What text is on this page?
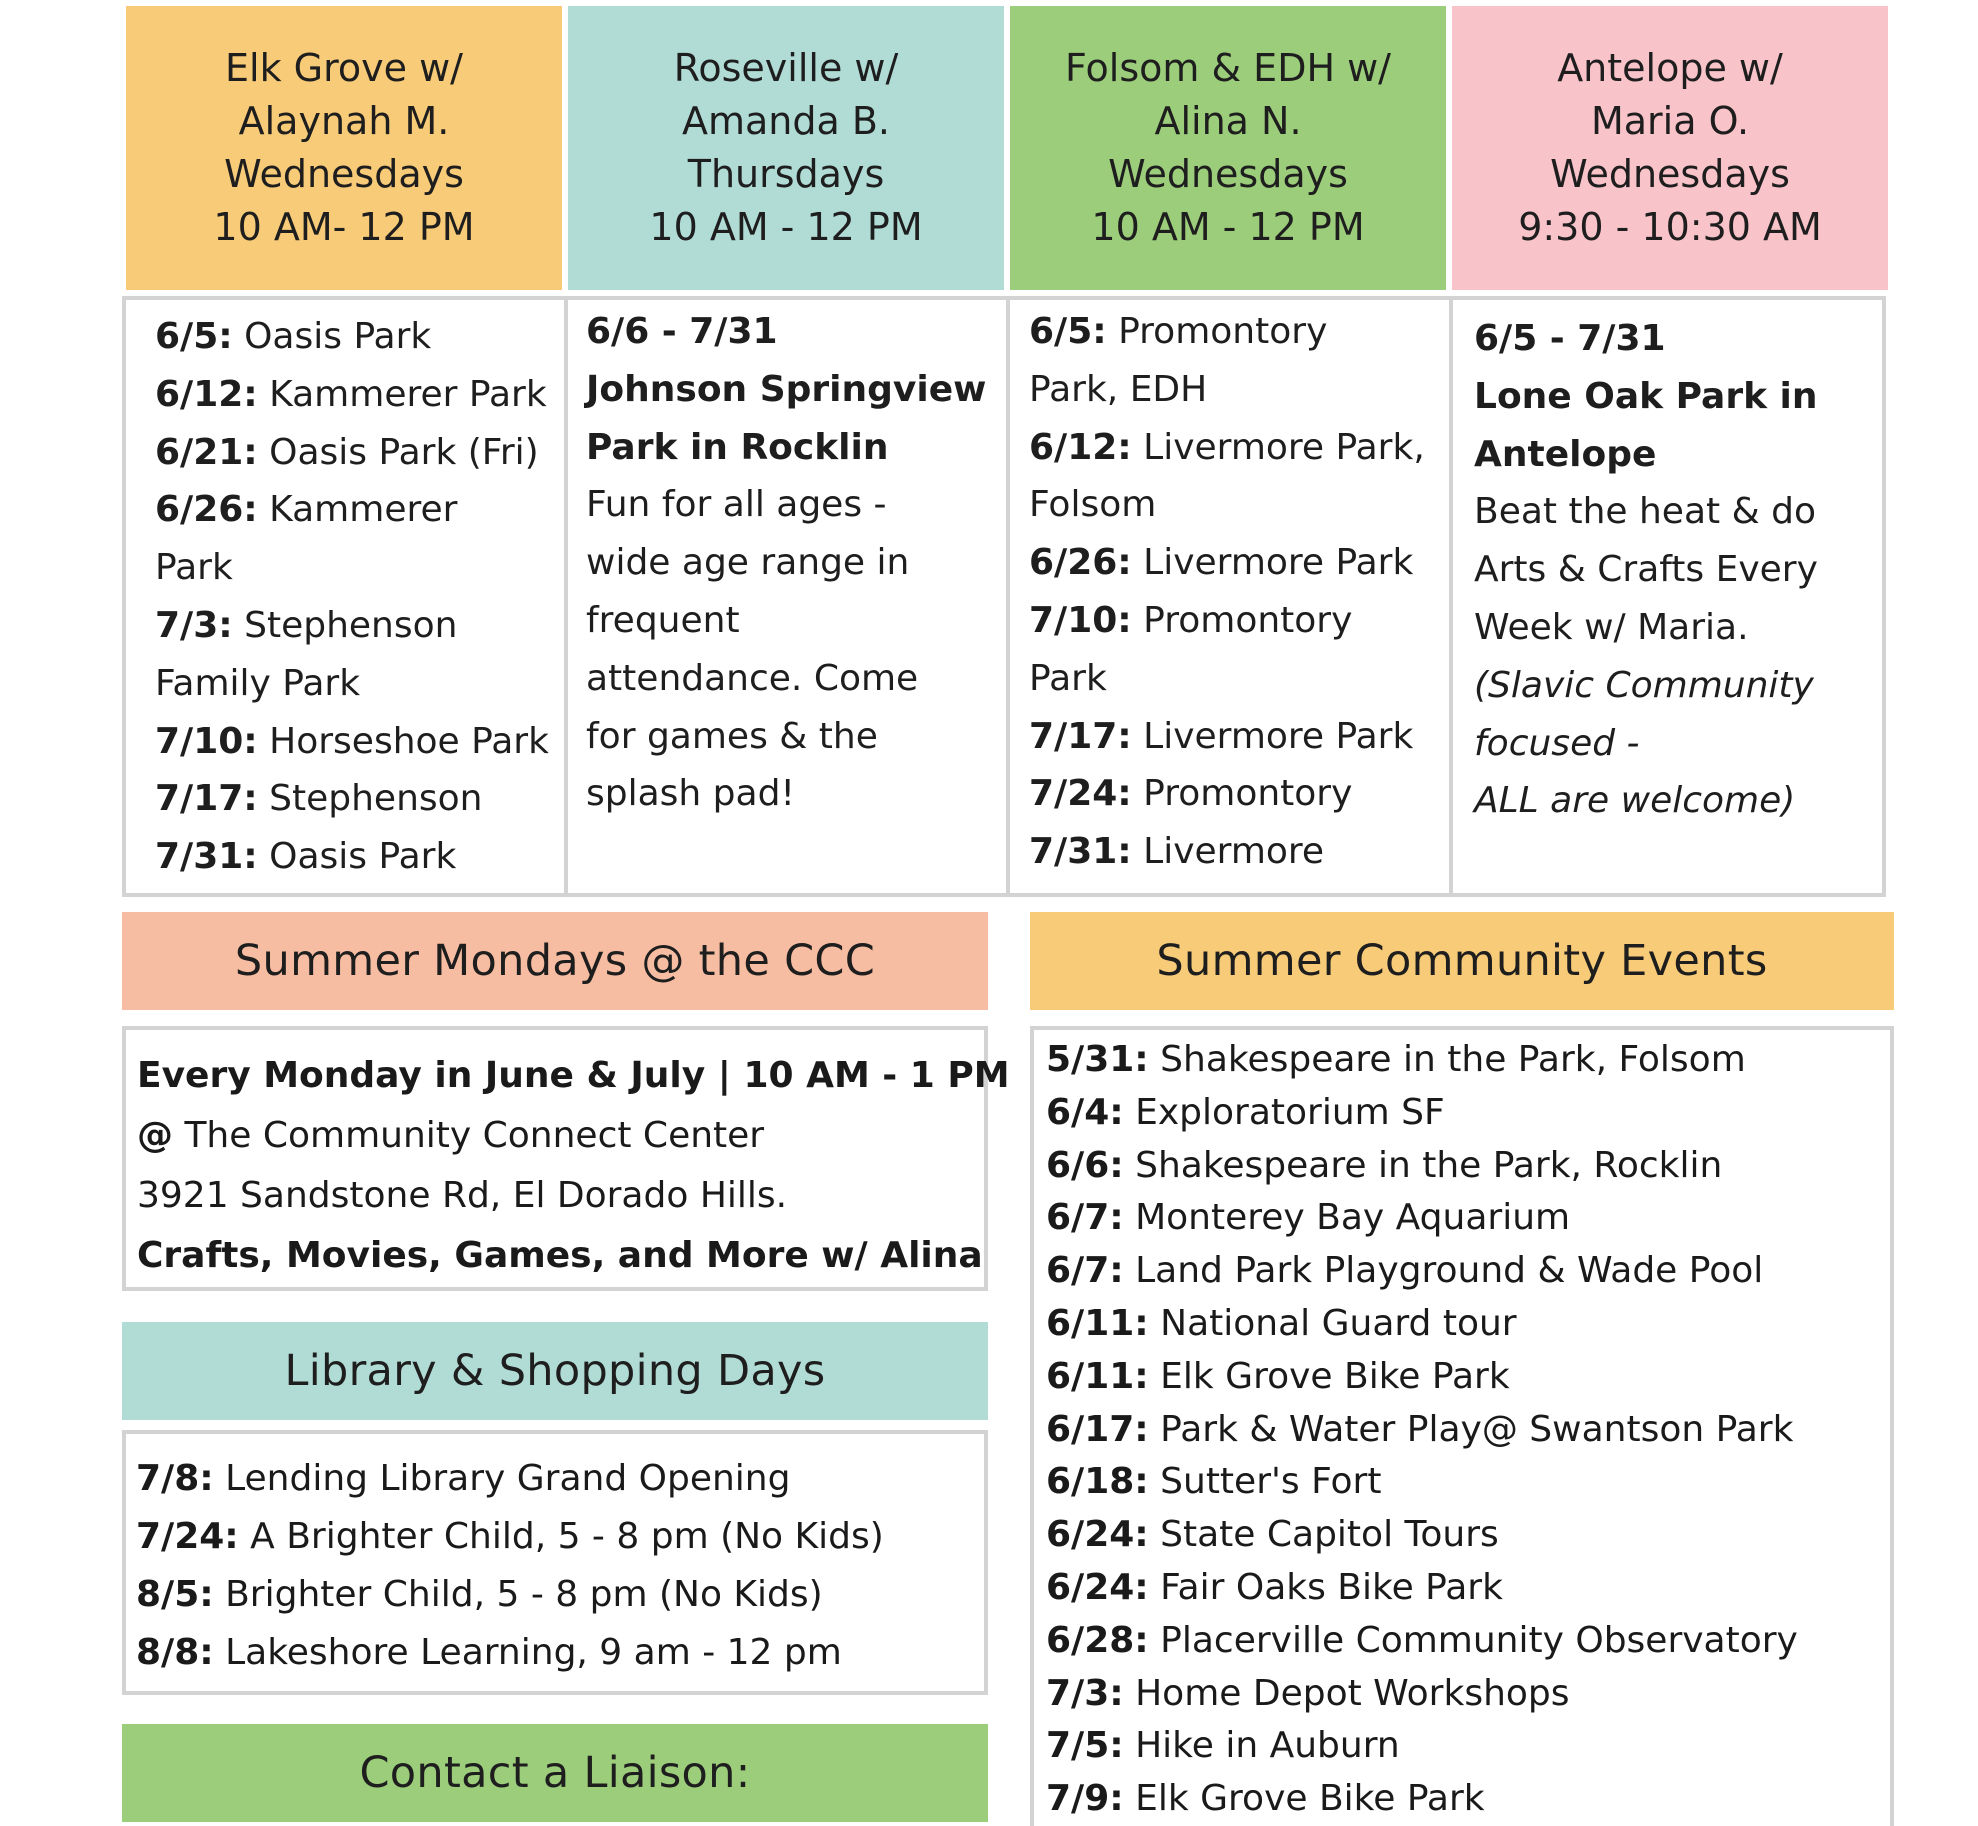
Elk Grove w/
Alaynah M.
Wednesdays
10 AM- 12 PM
Roseville w/
Amanda B.
Thursdays
10 AM - 12 PM
Folsom & EDH w/
Alina N.
Wednesdays
10 AM - 12 PM
Antelope w/
Maria O.
Wednesdays
9:30 - 10:30 AM
6/5: Oasis Park
6/12: Kammerer Park
6/21: Oasis Park (Fri)
6/26: Kammerer
Park
7/3: Stephenson
Family Park
7/10: Horseshoe Park
7/17: Stephenson
7/31: Oasis Park
6/6 - 7/31
Johnson Springview
Park in Rocklin
Fun for all ages -
wide age range in
frequent
attendance. Come
for games & the
splash pad!
6/5: Promontory
Park, EDH
6/12: Livermore Park,
Folsom
6/26: Livermore Park
7/10: Promontory
Park
7/17: Livermore Park
7/24: Promontory
7/31: Livermore
6/5 - 7/31
Lone Oak Park in
Antelope
Beat the heat & do
Arts & Crafts Every
Week w/ Maria.
(Slavic Community
focused -
ALL are welcome)
Summer Mondays @ the CCC
Every Monday in June & July | 10 AM - 1 PM
@ The Community Connect Center
3921 Sandstone Rd, El Dorado Hills.
Crafts, Movies, Games, and More w/ Alina
Library & Shopping Days
7/8: Lending Library Grand Opening
7/24: A Brighter Child, 5 - 8 pm (No Kids)
8/5: Brighter Child, 5 - 8 pm (No Kids)
8/8: Lakeshore Learning, 9 am - 12 pm
Contact a Liaison:
Summer Community Events
5/31: Shakespeare in the Park, Folsom
6/4: Exploratorium SF
6/6: Shakespeare in the Park, Rocklin
6/7: Monterey Bay Aquarium
6/7: Land Park Playground & Wade Pool
6/11: National Guard tour
6/11: Elk Grove Bike Park
6/17: Park & Water Play@ Swantson Park
6/18: Sutter's Fort
6/24: State Capitol Tours
6/24: Fair Oaks Bike Park
6/28: Placerville Community Observatory
7/3: Home Depot Workshops
7/5: Hike in Auburn
7/9: Elk Grove Bike Park
